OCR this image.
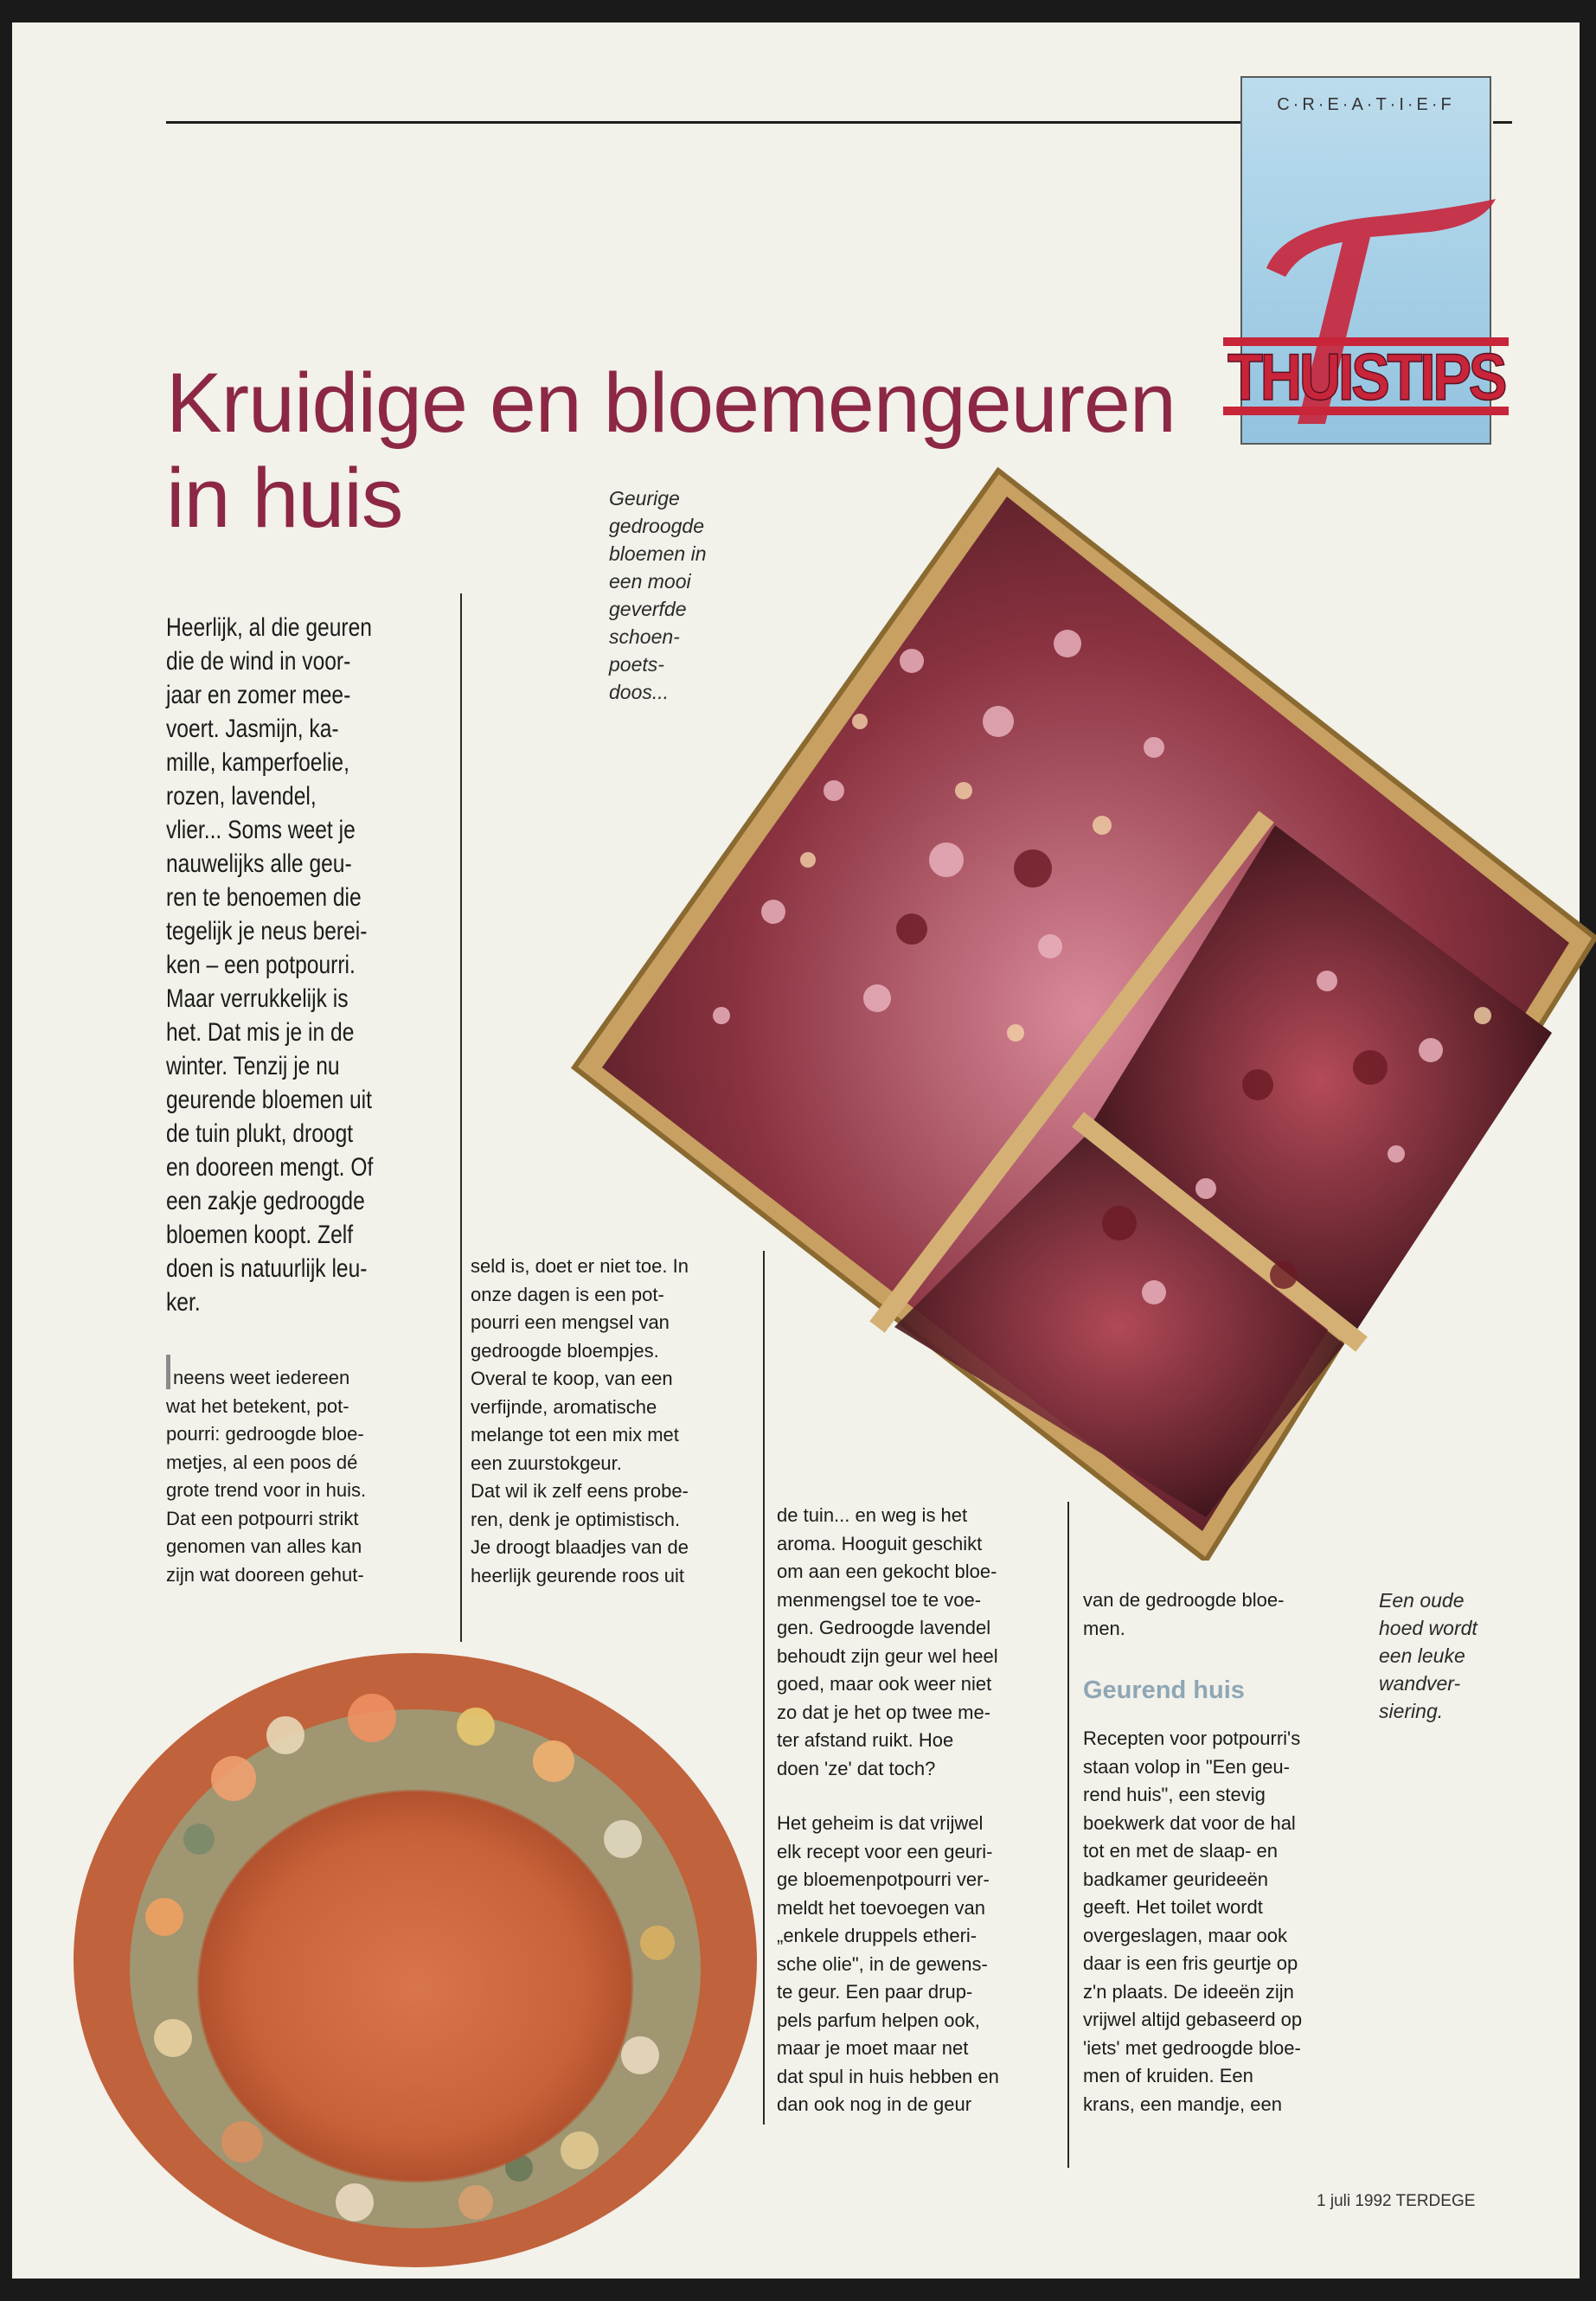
C·R·E·A·T·I·E·F
THUISTIPS
Kruidige en bloemengeuren
in huis
Heerlijk, al die geuren
die de wind in voor-
jaar en zomer mee-
voert. Jasmijn, ka-
mille, kamperfoelie,
rozen, lavendel,
vlier... Soms weet je
nauwelijks alle geu-
ren te benoemen die
tegelijk je neus berei-
ken – een potpourri.
Maar verrukkelijk is
het. Dat mis je in de
winter. Tenzij je nu
geurende bloemen uit
de tuin plukt, droogt
en dooreen mengt. Of
een zakje gedroogde
bloemen koopt. Zelf
doen is natuurlijk leu-
ker.
Geurige
gedroogde
bloemen in
een mooi
geverfde
schoen-
poets-
doos...
Een oude
hoed wordt
een leuke
wandver-
siering.
neens weet iedereen
wat het betekent, pot-
pourri: gedroogde bloe-
metjes, al een poos dé
grote trend voor in huis.
Dat een potpourri strikt
genomen van alles kan
zijn wat dooreen gehut-
seld is, doet er niet toe. In
onze dagen is een pot-
pourri een mengsel van
gedroogde bloempjes.
Overal te koop, van een
verfijnde, aromatische
melange tot een mix met
een zuurstokgeur.
Dat wil ik zelf eens probe-
ren, denk je optimistisch.
Je droogt blaadjes van de
heerlijk geurende roos uit
de tuin... en weg is het
aroma. Hooguit geschikt
om aan een gekocht bloe-
menmengsel toe te voe-
gen. Gedroogde lavendel
behoudt zijn geur wel heel
goed, maar ook weer niet
zo dat je het op twee me-
ter afstand ruikt. Hoe
doen 'ze' dat toch?
Het geheim is dat vrijwel
elk recept voor een geuri-
ge bloemenpotpourri ver-
meldt het toevoegen van
„enkele druppels etheri-
sche olie", in de gewens-
te geur. Een paar drup-
pels parfum helpen ook,
maar je moet maar net
dat spul in huis hebben en
dan ook nog in de geur
van de gedroogde bloe-
men.
Geurend huis
Recepten voor potpourri's
staan volop in "Een geu-
rend huis", een stevig
boekwerk dat voor de hal
tot en met de slaap- en
badkamer geurideeën
geeft. Het toilet wordt
overgeslagen, maar ook
daar is een fris geurtje op
z'n plaats. De ideeën zijn
vrijwel altijd gebaseerd op
'iets' met gedroogde bloe-
men of kruiden. Een
krans, een mandje, een
1 juli 1992 TERDEGE
